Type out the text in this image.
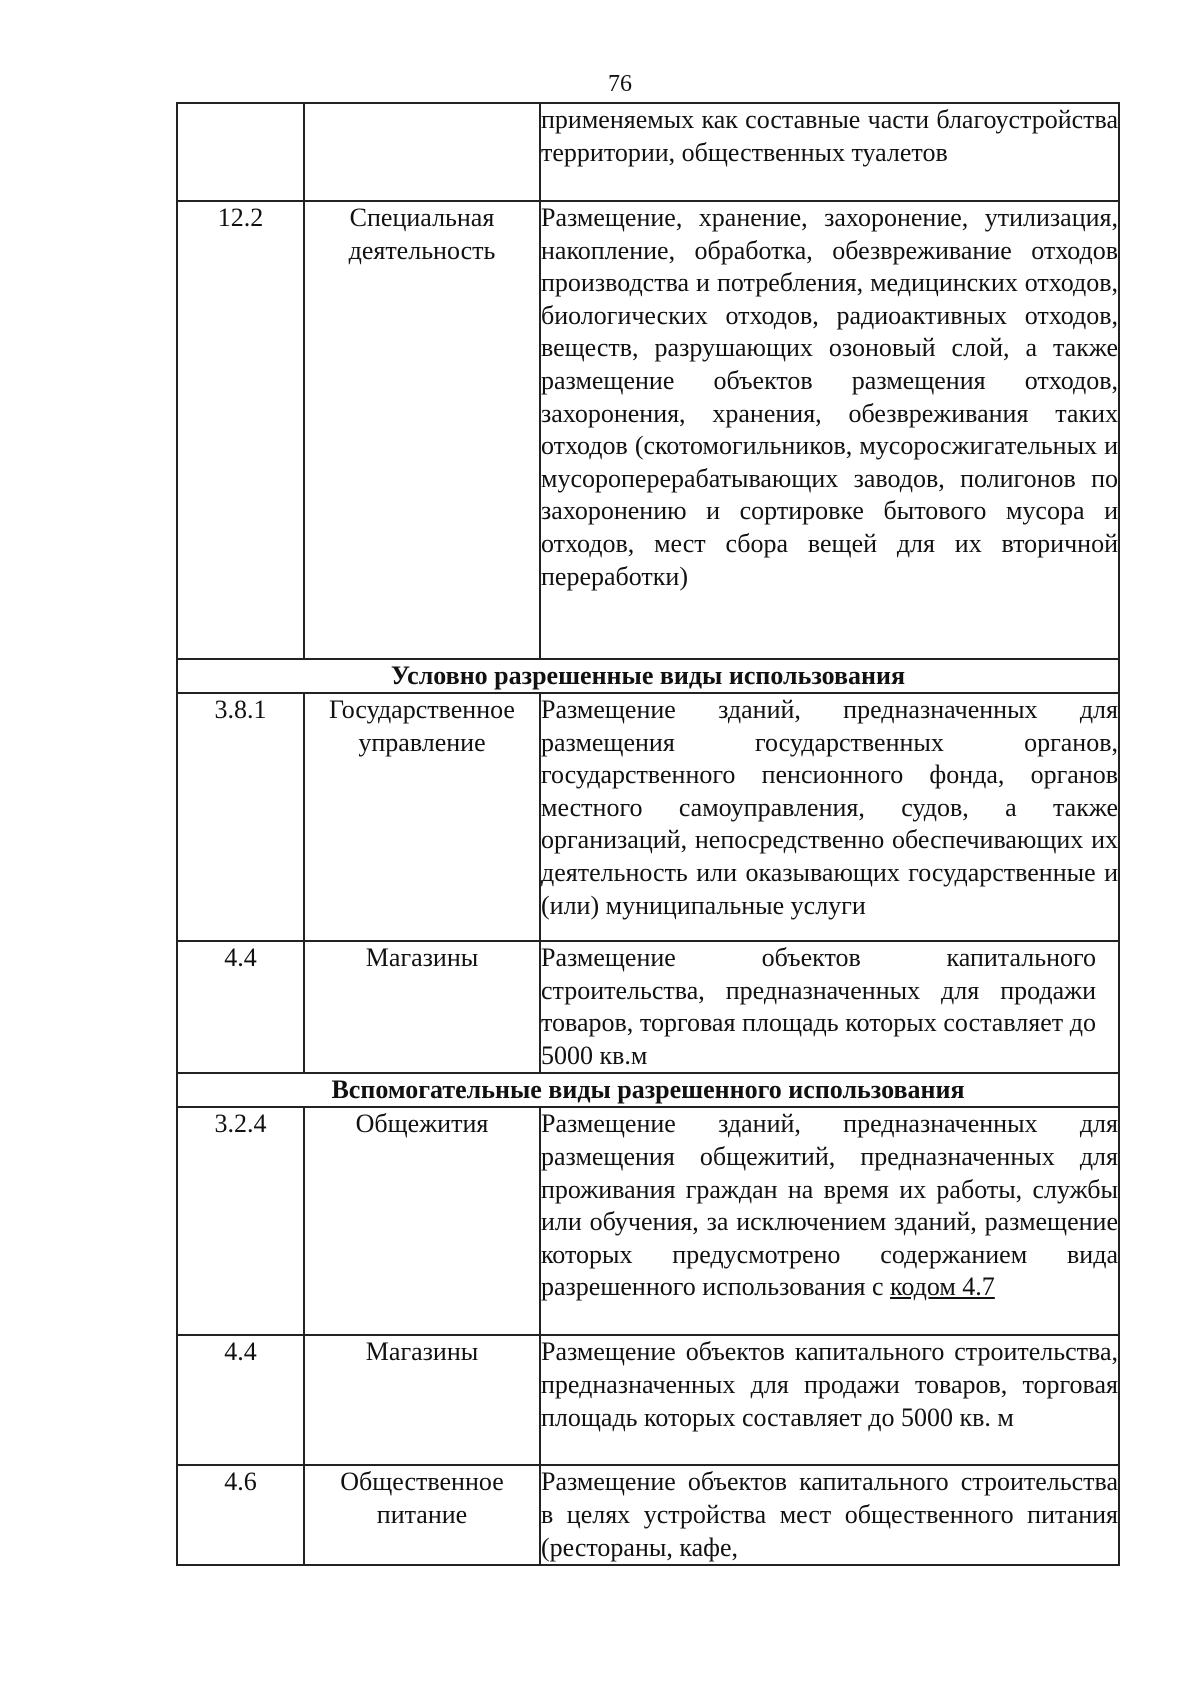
76

		применяемых как составные части благоустройства территории, общественных туалетов

12.2	Специальная деятельность	Размещение, хранение, захоронение, утилизация, накопление, обработка, обезвреживание отходов производства и потребления, медицинских отходов, биологических отходов, радиоактивных отходов, веществ, разрушающих озоновый слой, а также размещение объектов размещения отходов, захоронения, хранения, обезвреживания таких отходов (скотомогильников, мусоросжигательных и мусороперерабатывающих заводов, полигонов по захоронению и сортировке бытового мусора и отходов, мест сбора вещей для их вторичной переработки)

Условно разрешенные виды использования		
3.8.1	Государственное управление	Размещение зданий, предназначенных для размещения государственных органов, государственного пенсионного фонда, органов местного самоуправления, судов, а также организаций, непосредственно обеспечивающих их деятельность или оказывающих государственные и (или) муниципальные услуги

4.4	Магазины	Размещение объектов капитального строительства, предназначенных для продажи товаров, торговая площадь которых составляет до 5000 кв.м

Вспомогательные виды разрешенного использования		
3.2.4	Общежития	Размещение зданий, предназначенных для размещения общежитий, предназначенных для проживания граждан на время их работы, службы или обучения, за исключением зданий, размещение которых предусмотрено содержанием вида разрешенного использования с кодом 4.7

4.4	Магазины	Размещение объектов капитального строительства, предназначенных для продажи товаров, торговая площадь которых составляет до 5000 кв. м

4.6	Общественное питание	Размещение объектов капитального строительства в целях устройства мест общественного питания (рестораны, кафе,
